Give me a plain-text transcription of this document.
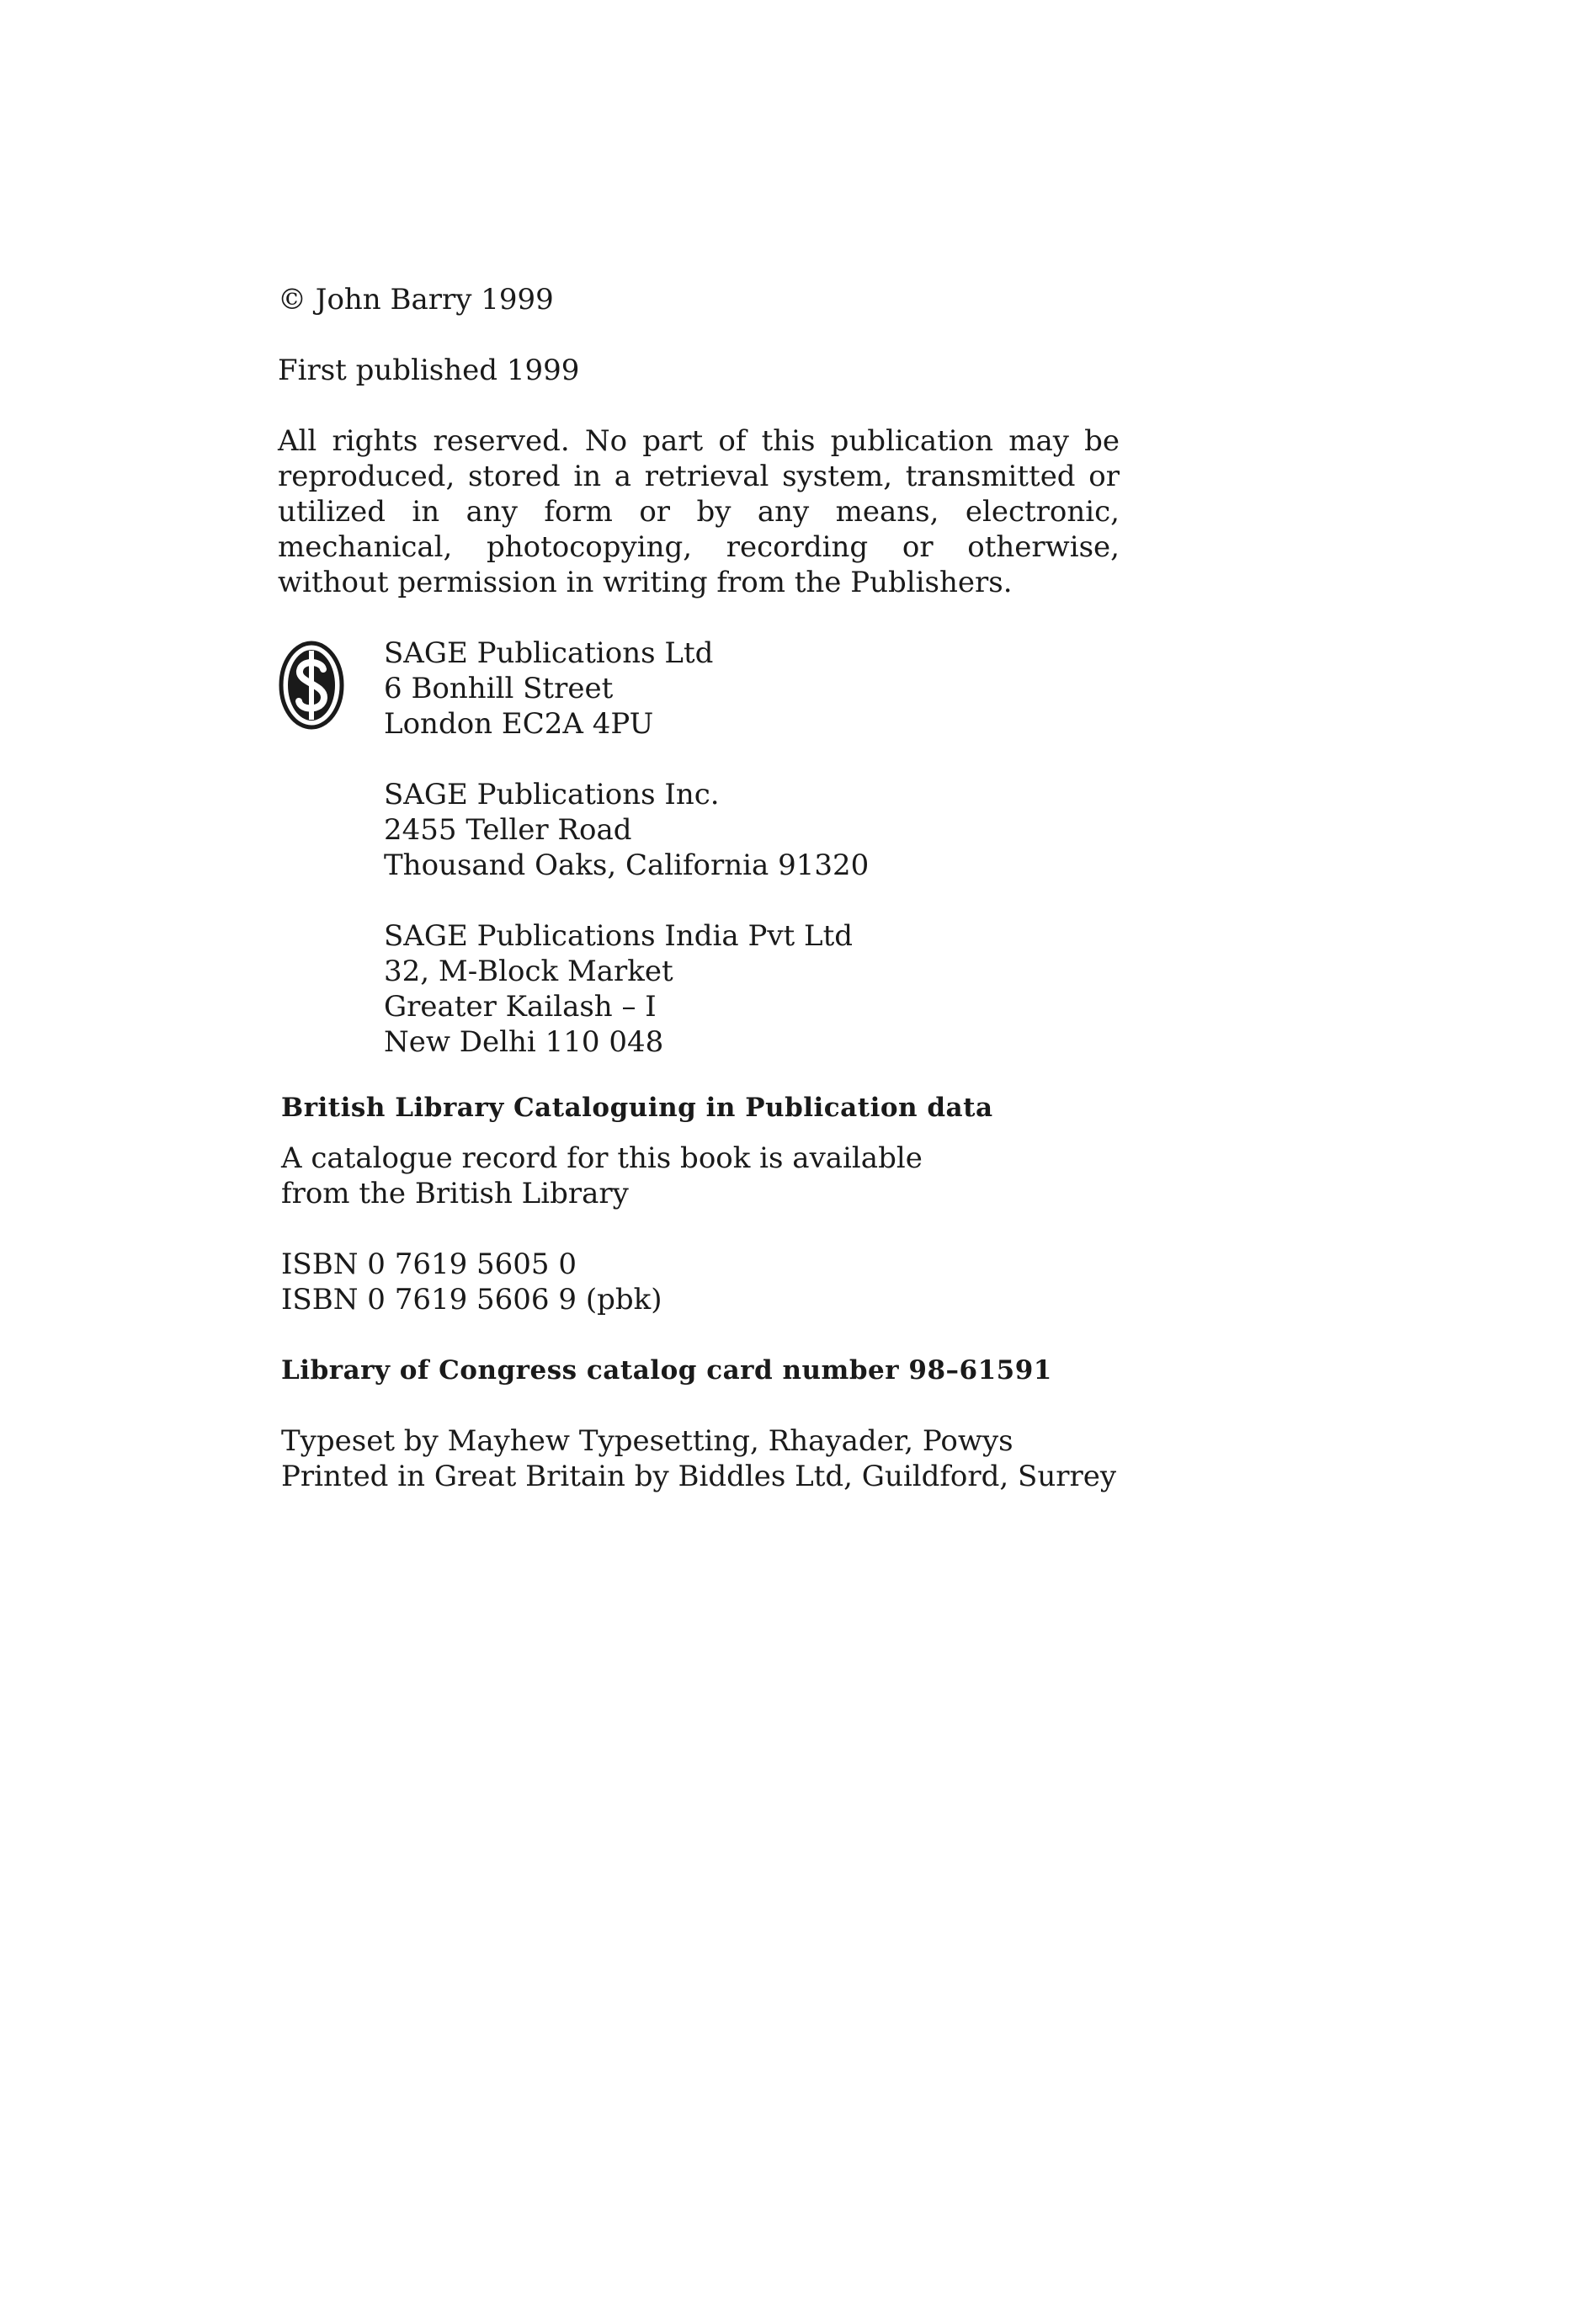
© John Barry 1999

First published 1999

All rights reserved. No part of this publication may be reproduced, stored in a retrieval system, transmitted or utilized in any form or by any means, electronic, mechanical, photocopying, recording or otherwise, without permission in writing from the Publishers.

SAGE Publications Ltd
6 Bonhill Street
London EC2A 4PU
SAGE Publications Inc.
2455 Teller Road
Thousand Oaks, California 91320
SAGE Publications India Pvt Ltd
32, M-Block Market
Greater Kailash – I
New Delhi 110 048

British Library Cataloguing in Publication data

A catalogue record for this book is available
from the British Library
ISBN 0 7619 5605 0
ISBN 0 7619 5606 9 (pbk)

Library of Congress catalog card number 98–61591

Typeset by Mayhew Typesetting, Rhayader, Powys
Printed in Great Britain by Biddles Ltd, Guildford, Surrey
